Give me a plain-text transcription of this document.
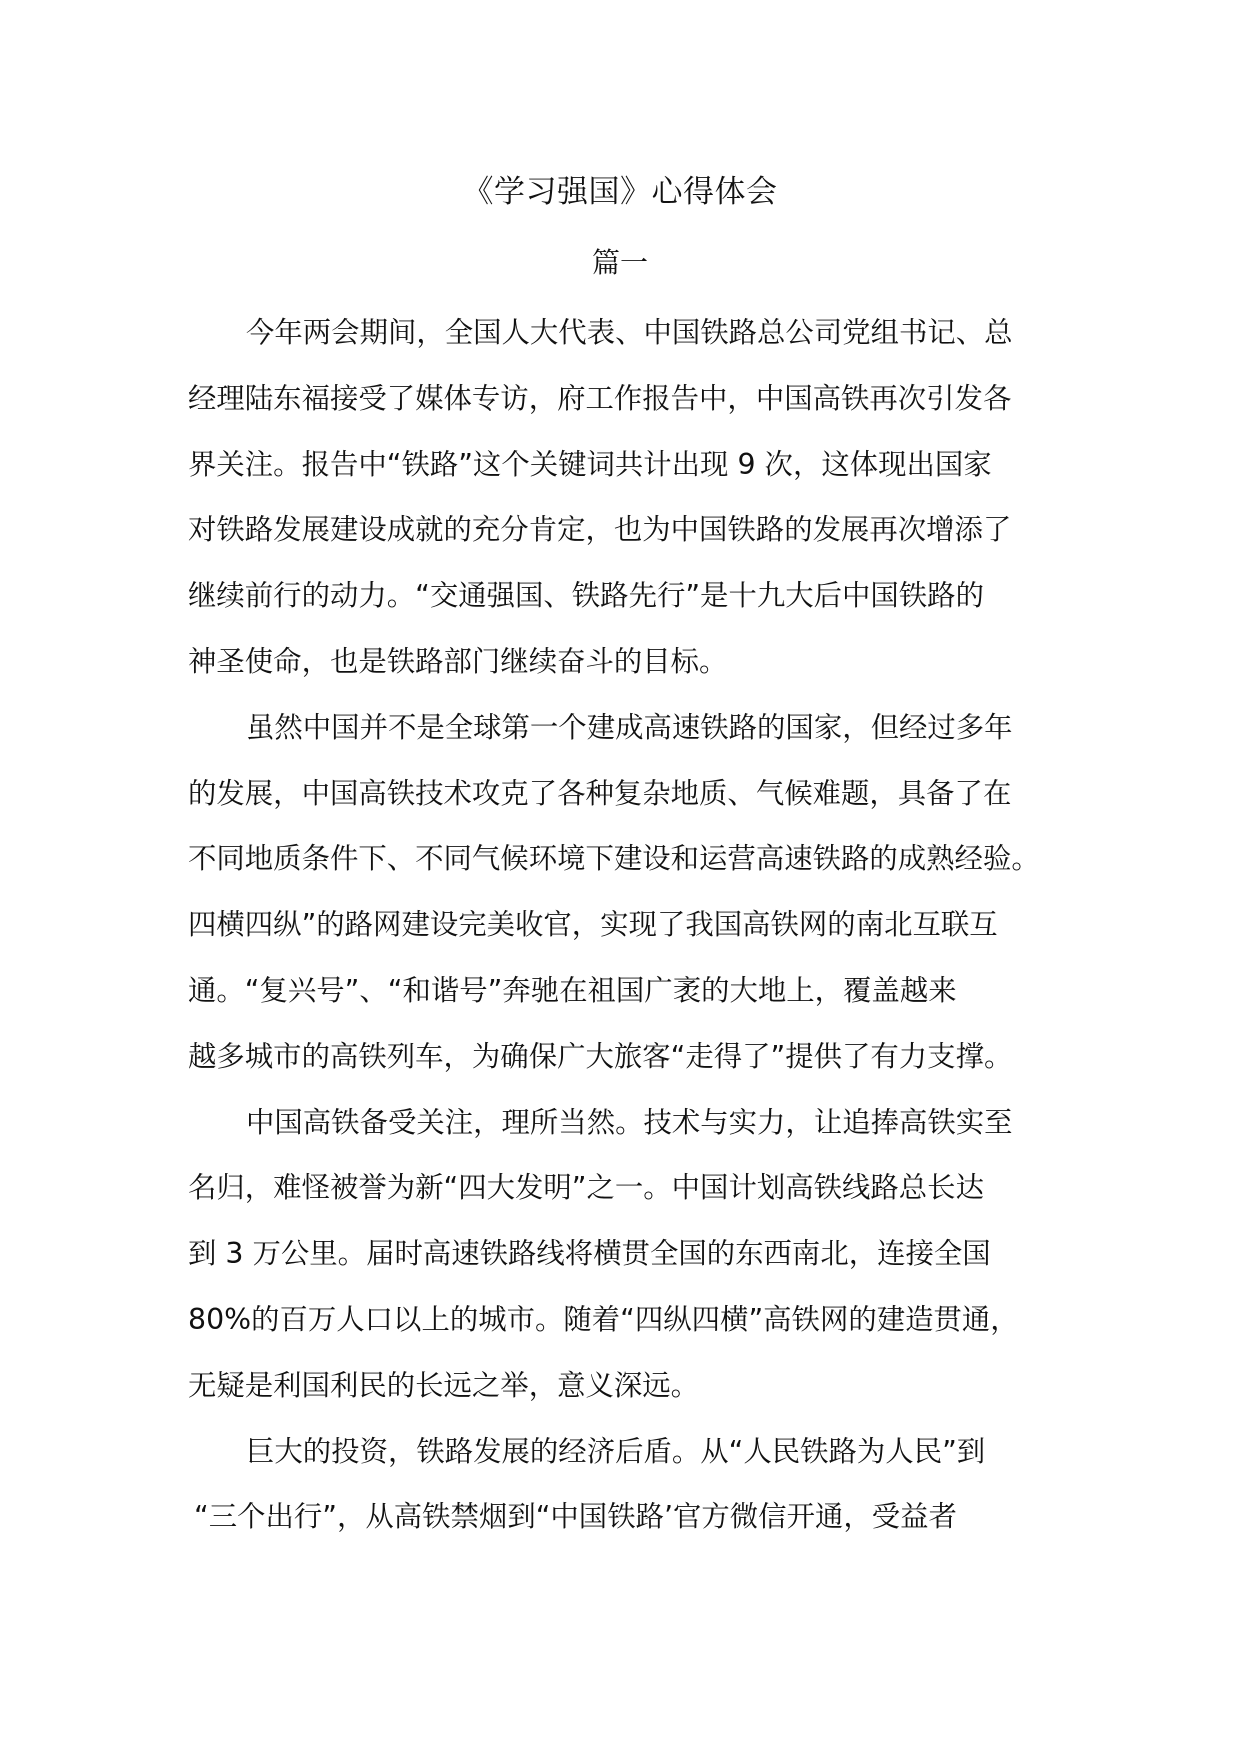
《学习强国》心得体会
篇一
今年两会期间，全国人大代表、中国铁路总公司党组书记、总
经理陆东福接受了媒体专访，府工作报告中，中国高铁再次引发各
界关注。报告中“铁路”这个关键词共计出现 9 次，这体现出国家
对铁路发展建设成就的充分肯定，也为中国铁路的发展再次增添了
继续前行的动力。“交通强国、铁路先行”是十九大后中国铁路的
神圣使命，也是铁路部门继续奋斗的目标。
虽然中国并不是全球第一个建成高速铁路的国家，但经过多年
的发展，中国高铁技术攻克了各种复杂地质、气候难题，具备了在
不同地质条件下、不同气候环境下建设和运营高速铁路的成熟经验。
四横四纵”的路网建设完美收官，实现了我国高铁网的南北互联互
通。“复兴号”、“和谐号”奔驰在祖国广袤的大地上，覆盖越来
越多城市的高铁列车，为确保广大旅客“走得了”提供了有力支撑。
中国高铁备受关注，理所当然。技术与实力，让追捧高铁实至
名归，难怪被誉为新“四大发明”之一。中国计划高铁线路总长达
到 3 万公里。届时高速铁路线将横贯全国的东西南北，连接全国
80%的百万人口以上的城市。随着“四纵四横”高铁网的建造贯通，
无疑是利国利民的长远之举，意义深远。
巨大的投资，铁路发展的经济后盾。从“人民铁路为人民”到
“三个出行”，从高铁禁烟到“中国铁路’官方微信开通，受益者
